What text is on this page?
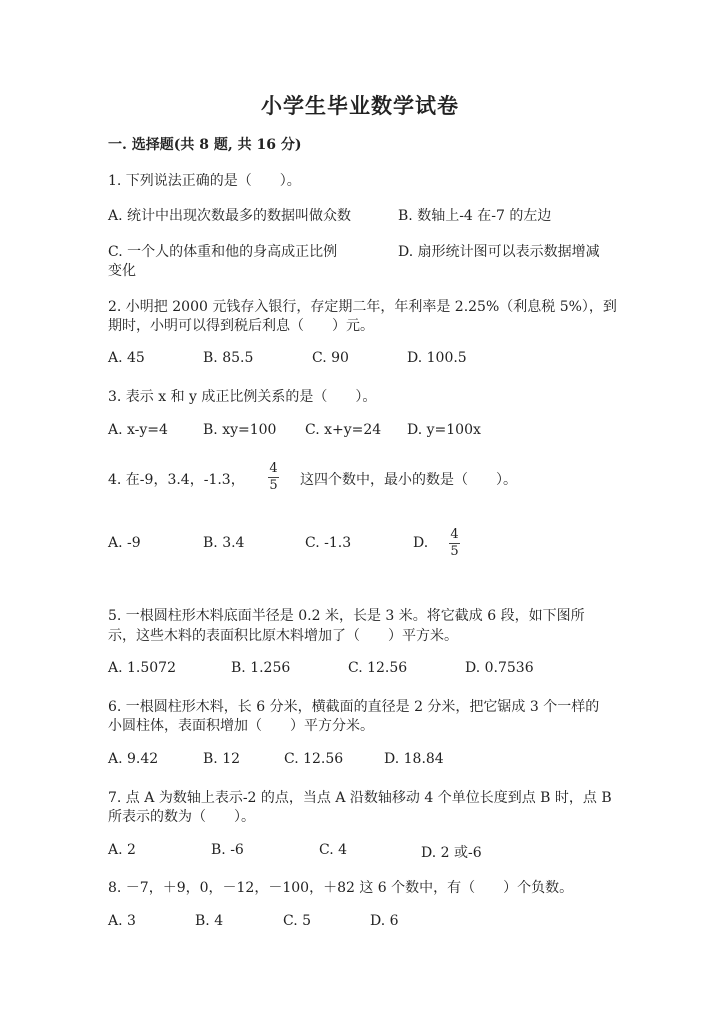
小学生毕业数学试卷
一. 选择题(共 8 题, 共 16 分)
1. 下列说法正确的是（　　）。
A. 统计中出现次数最多的数据叫做众数	B. 数轴上-4 在-7 的左边
C. 一个人的体重和他的身高成正比例	D. 扇形统计图可以表示数据增减
变化
2. 小明把 2000 元钱存入银行，存定期二年，年利率是 2.25%（利息税 5%），到
期时，小明可以得到税后利息（　　）元。
A. 45	B. 85.5	C. 90	D. 100.5
3. 表示 x 和 y 成正比例关系的是（　　）。
A. x-y=4	B. xy=100 C. x+y=24 D. y=100x
4. 在-9，3.4，-1.3，
4
5 这四个数中，最小的数是（　　）。
A. -9	B. 3.4	C. -1.3	D.
4
5
5. 一根圆柱形木料底面半径是 0.2 米，长是 3 米。将它截成 6 段，如下图所
示，这些木料的表面积比原木料增加了（　　）平方米。
A. 1.5072	B. 1.256	C. 12.56	D. 0.7536
6. 一根圆柱形木料，长 6 分米，横截面的直径是 2 分米，把它锯成 3 个一样的
小圆柱体，表面积增加（　　）平方分米。
A. 9.42	B. 12	C. 12.56	D. 18.84
7. 点 A 为数轴上表示-2 的点，当点 A 沿数轴移动 4 个单位长度到点 B 时，点 B
所表示的数为（　　）。
A. 2	B. -6	C. 4	D. 2 或-6
8. －7，＋9，0，－12，－100，＋82 这 6 个数中，有（　　）个负数。
A. 3	B. 4	C. 5	D. 6
